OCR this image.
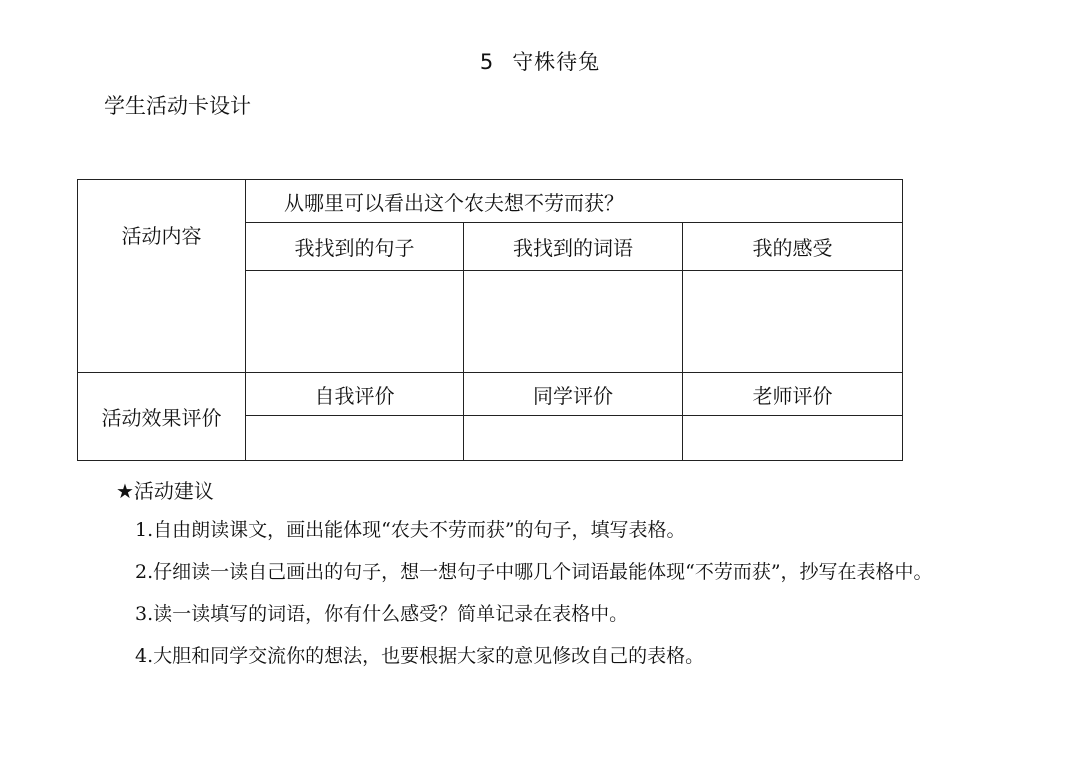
5 守株待兔
学生活动卡设计
活动内容	从哪里可以看出这个农夫想不劳而获？		
	我找到的句子	我找到的词语	我的感受

活动效果评价	自我评价	同学评价	老师评价

★活动建议
1.自由朗读课文，画出能体现“农夫不劳而获”的句子，填写表格。
2.仔细读一读自己画出的句子，想一想句子中哪几个词语最能体现“不劳而获”，抄写在表格中。
3.读一读填写的词语，你有什么感受？简单记录在表格中。
4.大胆和同学交流你的想法，也要根据大家的意见修改自己的表格。
